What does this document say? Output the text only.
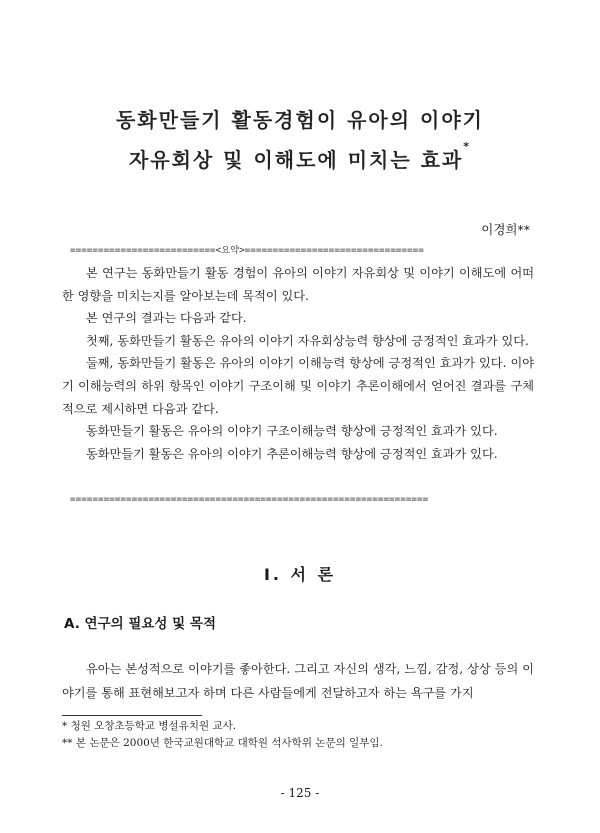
동화만들기 활동경험이 유아의 이야기
자유회상 및 이해도에 미치는 효과*
이경희**
==========================<요약>================================

본 연구는 동화만들기 활동 경험이 유아의 이야기 자유회상 및 이야기 이해도에 어떠한 영향을 미치는지를 알아보는데 목적이 있다.

본 연구의 결과는 다음과 같다.

첫째, 동화만들기 활동은 유아의 이야기 자유회상능력 향상에 긍정적인 효과가 있다.

둘째, 동화만들기 활동은 유아의 이야기 이해능력 향상에 긍정적인 효과가 있다. 이야기 이해능력의 하위 항목인 이야기 구조이해 및 이야기 추론이해에서 얻어진 결과를 구체적으로 제시하면 다음과 같다.

동화만들기 활동은 유아의 이야기 구조이해능력 향상에 긍정적인 효과가 있다.

동화만들기 활동은 유아의 이야기 추론이해능력 향상에 긍정적인 효과가 있다.

================================================================
I. 서 론
A. 연구의 필요성 및 목적

유아는 본성적으로 이야기를 좋아한다. 그리고 자신의 생각, 느낌, 감정, 상상 등의 이야기를 통해 표현해보고자 하며 다른 사람들에게 전달하고자 하는 욕구를 가지

* 청원 오창초등학교 병설유치원 교사.

** 본 논문은 2000년 한국교원대학교 대학원 석사학위 논문의 일부임.

- 125 -
